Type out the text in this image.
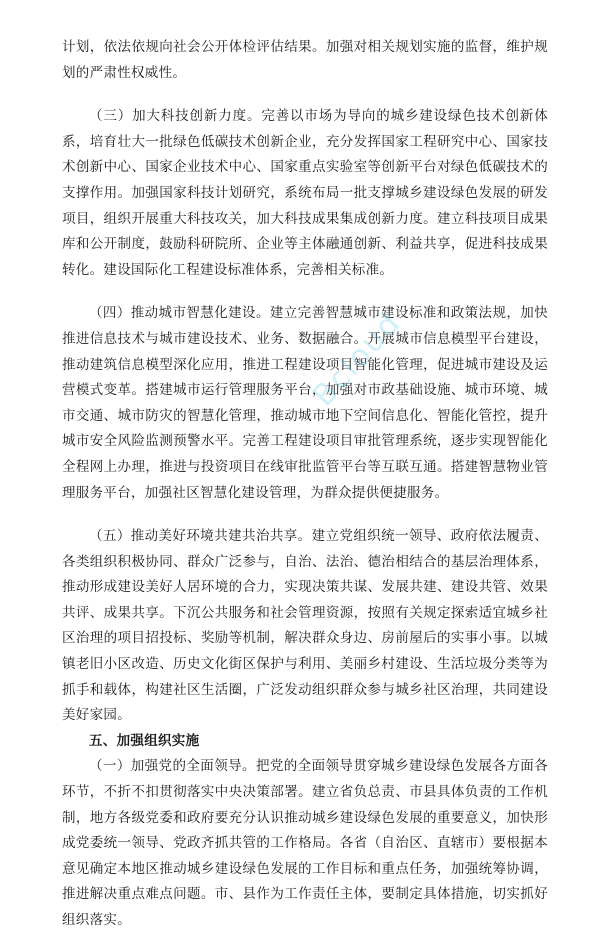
计划，依法依规向社会公开体检评估结果。加强对相关规划实施的监督，维护规划的严肃性权威性。

（三）加大科技创新力度。完善以市场为导向的城乡建设绿色技术创新体系，培育壮大一批绿色低碳技术创新企业，充分发挥国家工程研究中心、国家技术创新中心、国家企业技术中心、国家重点实验室等创新平台对绿色低碳技术的支撑作用。加强国家科技计划研究，系统布局一批支撑城乡建设绿色发展的研发项目，组织开展重大科技攻关，加大科技成果集成创新力度。建立科技项目成果库和公开制度，鼓励科研院所、企业等主体融通创新、利益共享，促进科技成果转化。建设国际化工程建设标准体系，完善相关标准。

（四）推动城市智慧化建设。建立完善智慧城市建设标准和政策法规，加快推进信息技术与城市建设技术、业务、数据融合。开展城市信息模型平台建设，推动建筑信息模型深化应用，推进工程建设项目智能化管理，促进城市建设及运营模式变革。搭建城市运行管理服务平台，加强对市政基础设施、城市环境、城市交通、城市防灾的智慧化管理，推动城市地下空间信息化、智能化管控，提升城市安全风险监测预警水平。完善工程建设项目审批管理系统，逐步实现智能化全程网上办理，推进与投资项目在线审批监管平台等互联互通。搭建智慧物业管理服务平台，加强社区智慧化建设管理，为群众提供便捷服务。

（五）推动美好环境共建共治共享。建立党组织统一领导、政府依法履责、各类组织积极协同、群众广泛参与，自治、法治、德治相结合的基层治理体系，推动形成建设美好人居环境的合力，实现决策共谋、发展共建、建设共管、效果共评、成果共享。下沉公共服务和社会管理资源，按照有关规定探索适宜城乡社区治理的项目招投标、奖励等机制，解决群众身边、房前屋后的实事小事。以城镇老旧小区改造、历史文化街区保护与利用、美丽乡村建设、生活垃圾分类等为抓手和载体，构建社区生活圈，广泛发动组织群众参与城乡社区治理，共同建设美好家园。

五、加强组织实施

（一）加强党的全面领导。把党的全面领导贯穿城乡建设绿色发展各方面各环节，不折不扣贯彻落实中央决策部署。建立省负总责、市县具体负责的工作机制，地方各级党委和政府要充分认识推动城乡建设绿色发展的重要意义，加快形成党委统一领导、党政齐抓共管的工作格局。各省（自治区、直辖市）要根据本意见确定本地区推动城乡建设绿色发展的工作目标和重点任务，加强统筹协调，推进解决重点难点问题。市、县作为工作责任主体，要制定具体措施，切实抓好组织落实。

Bcloud
